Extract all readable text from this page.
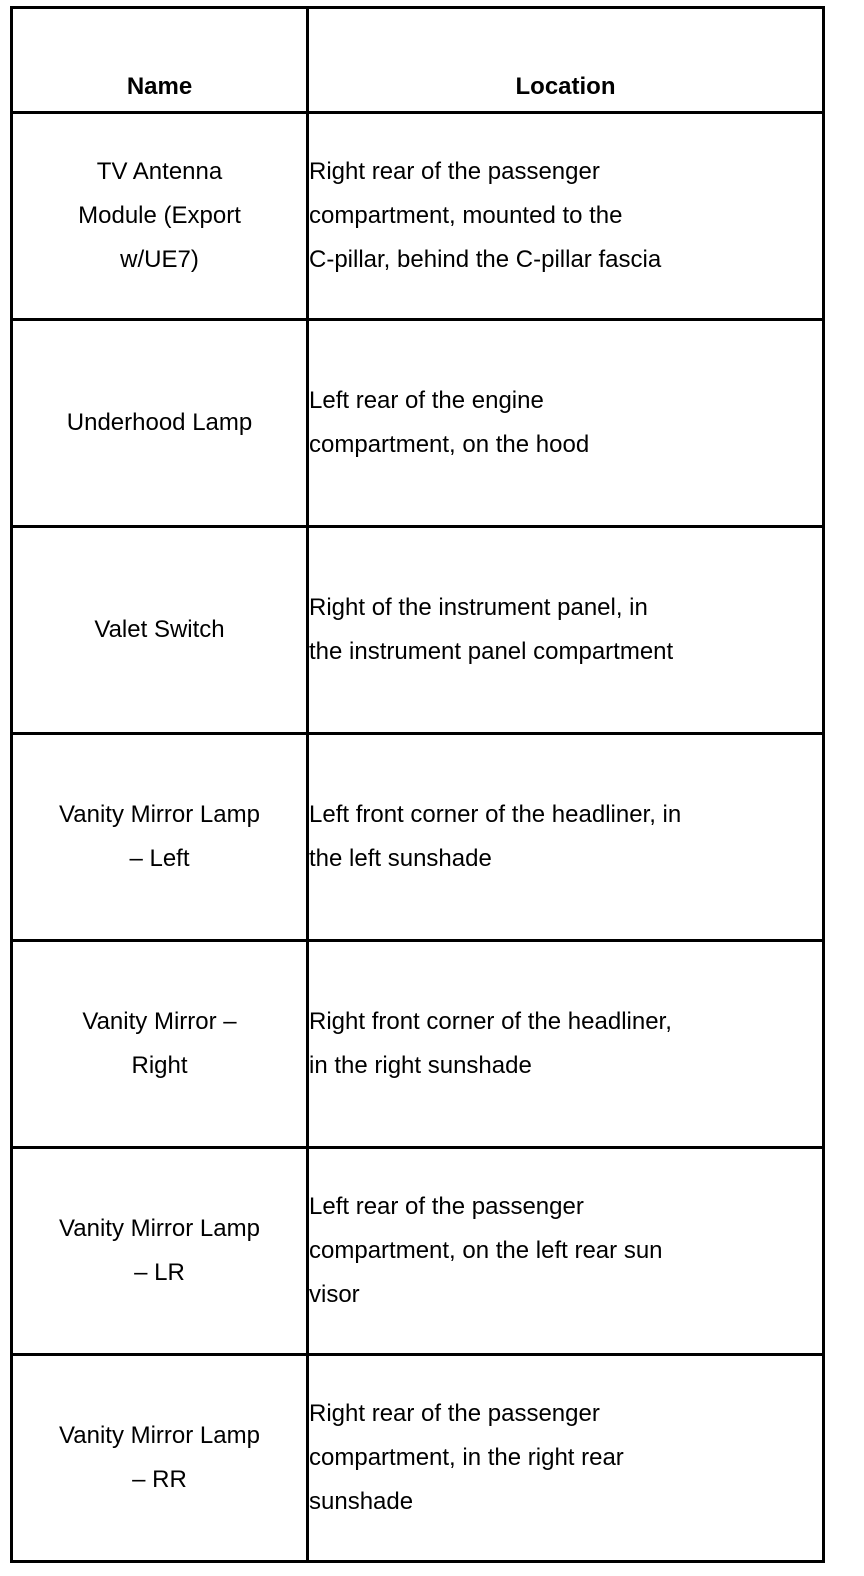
Name	Location

TV Antenna
Module (Export
w/UE7)	Right rear of the passenger
compartment, mounted to the
C-pillar, behind the C-pillar fascia

Underhood Lamp	Left rear of the engine
compartment, on the hood

Valet Switch	Right of the instrument panel, in
the instrument panel compartment

Vanity Mirror Lamp
– Left	Left front corner of the headliner, in
the left sunshade

Vanity Mirror –
Right	Right front corner of the headliner,
in the right sunshade

Vanity Mirror Lamp
– LR	Left rear of the passenger
compartment, on the left rear sun
visor

Vanity Mirror Lamp
– RR	Right rear of the passenger
compartment, in the right rear
sunshade
